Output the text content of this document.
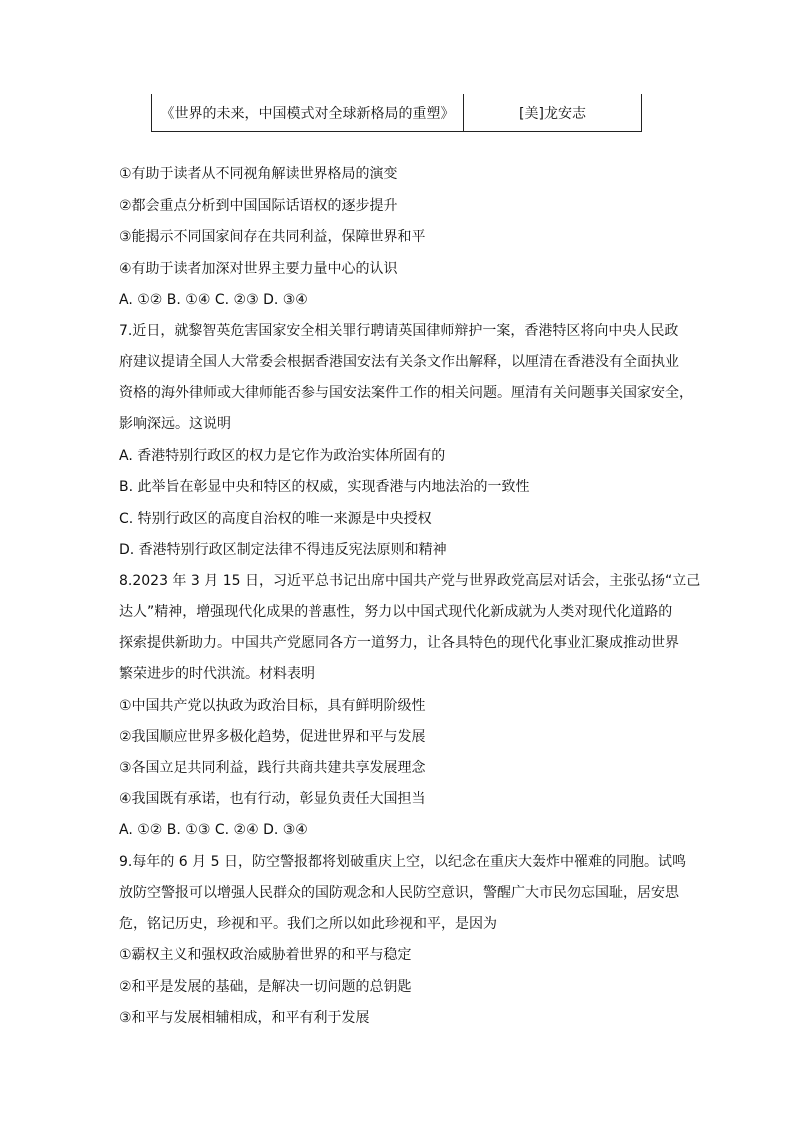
《世界的未来，中国模式对全球新格局的重塑》	[美]龙安志
①有助于读者从不同视角解读世界格局的演变
②都会重点分析到中国国际话语权的逐步提升
③能揭示不同国家间存在共同利益，保障世界和平
④有助于读者加深对世界主要力量中心的认识
A. ①② B. ①④ C. ②③ D. ③④
7.近日，就黎智英危害国家安全相关罪行聘请英国律师辩护一案，香港特区将向中央人民政
府建议提请全国人大常委会根据香港国安法有关条文作出解释，以厘清在香港没有全面执业
资格的海外律师或大律师能否参与国安法案件工作的相关问题。厘清有关问题事关国家安全，
影响深远。这说明
A. 香港特别行政区的权力是它作为政治实体所固有的
B. 此举旨在彰显中央和特区的权威，实现香港与内地法治的一致性
C. 特别行政区的高度自治权的唯一来源是中央授权
D. 香港特别行政区制定法律不得违反宪法原则和精神
8.2023 年 3 月 15 日，习近平总书记出席中国共产党与世界政党高层对话会，主张弘扬“立己
达人”精神，增强现代化成果的普惠性，努力以中国式现代化新成就为人类对现代化道路的
探索提供新助力。中国共产党愿同各方一道努力，让各具特色的现代化事业汇聚成推动世界
繁荣进步的时代洪流。材料表明
①中国共产党以执政为政治目标，具有鲜明阶级性
②我国顺应世界多极化趋势，促进世界和平与发展
③各国立足共同利益，践行共商共建共享发展理念
④我国既有承诺，也有行动，彰显负责任大国担当
A. ①② B. ①③ C. ②④ D. ③④
9.每年的 6 月 5 日，防空警报都将划破重庆上空，以纪念在重庆大轰炸中罹难的同胞。试鸣
放防空警报可以增强人民群众的国防观念和人民防空意识，警醒广大市民勿忘国耻，居安思
危，铭记历史，珍视和平。我们之所以如此珍视和平，是因为
①霸权主义和强权政治威胁着世界的和平与稳定
②和平是发展的基础，是解决一切问题的总钥匙
③和平与发展相辅相成，和平有利于发展
